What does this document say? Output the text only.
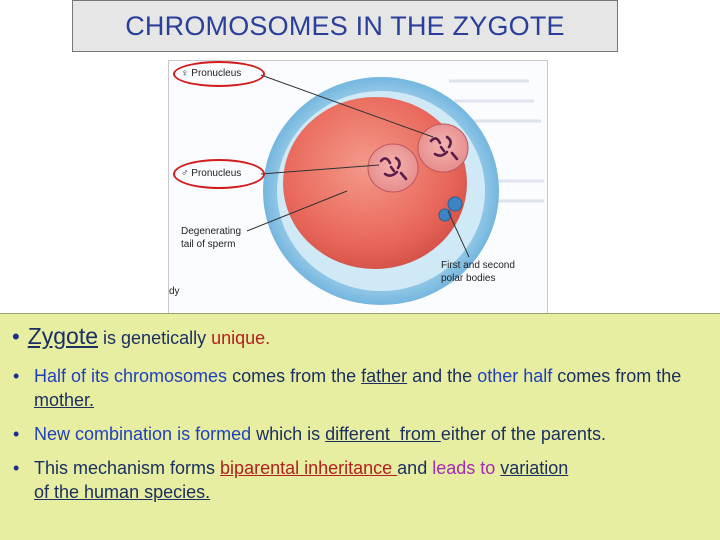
CHROMOSOMES IN THE ZYGOTE
♀ Pronucleus
♂ Pronucleus
Degenerating
tail of sperm
First and second
polar bodies
dy
• Zygote is genetically unique.
• Half of its chromosomes comes from the father and the other half comes from the mother.
• New combination is formed which is different  from either of the parents.
• This mechanism forms biparental inheritance and leads to variation
of the human species.
